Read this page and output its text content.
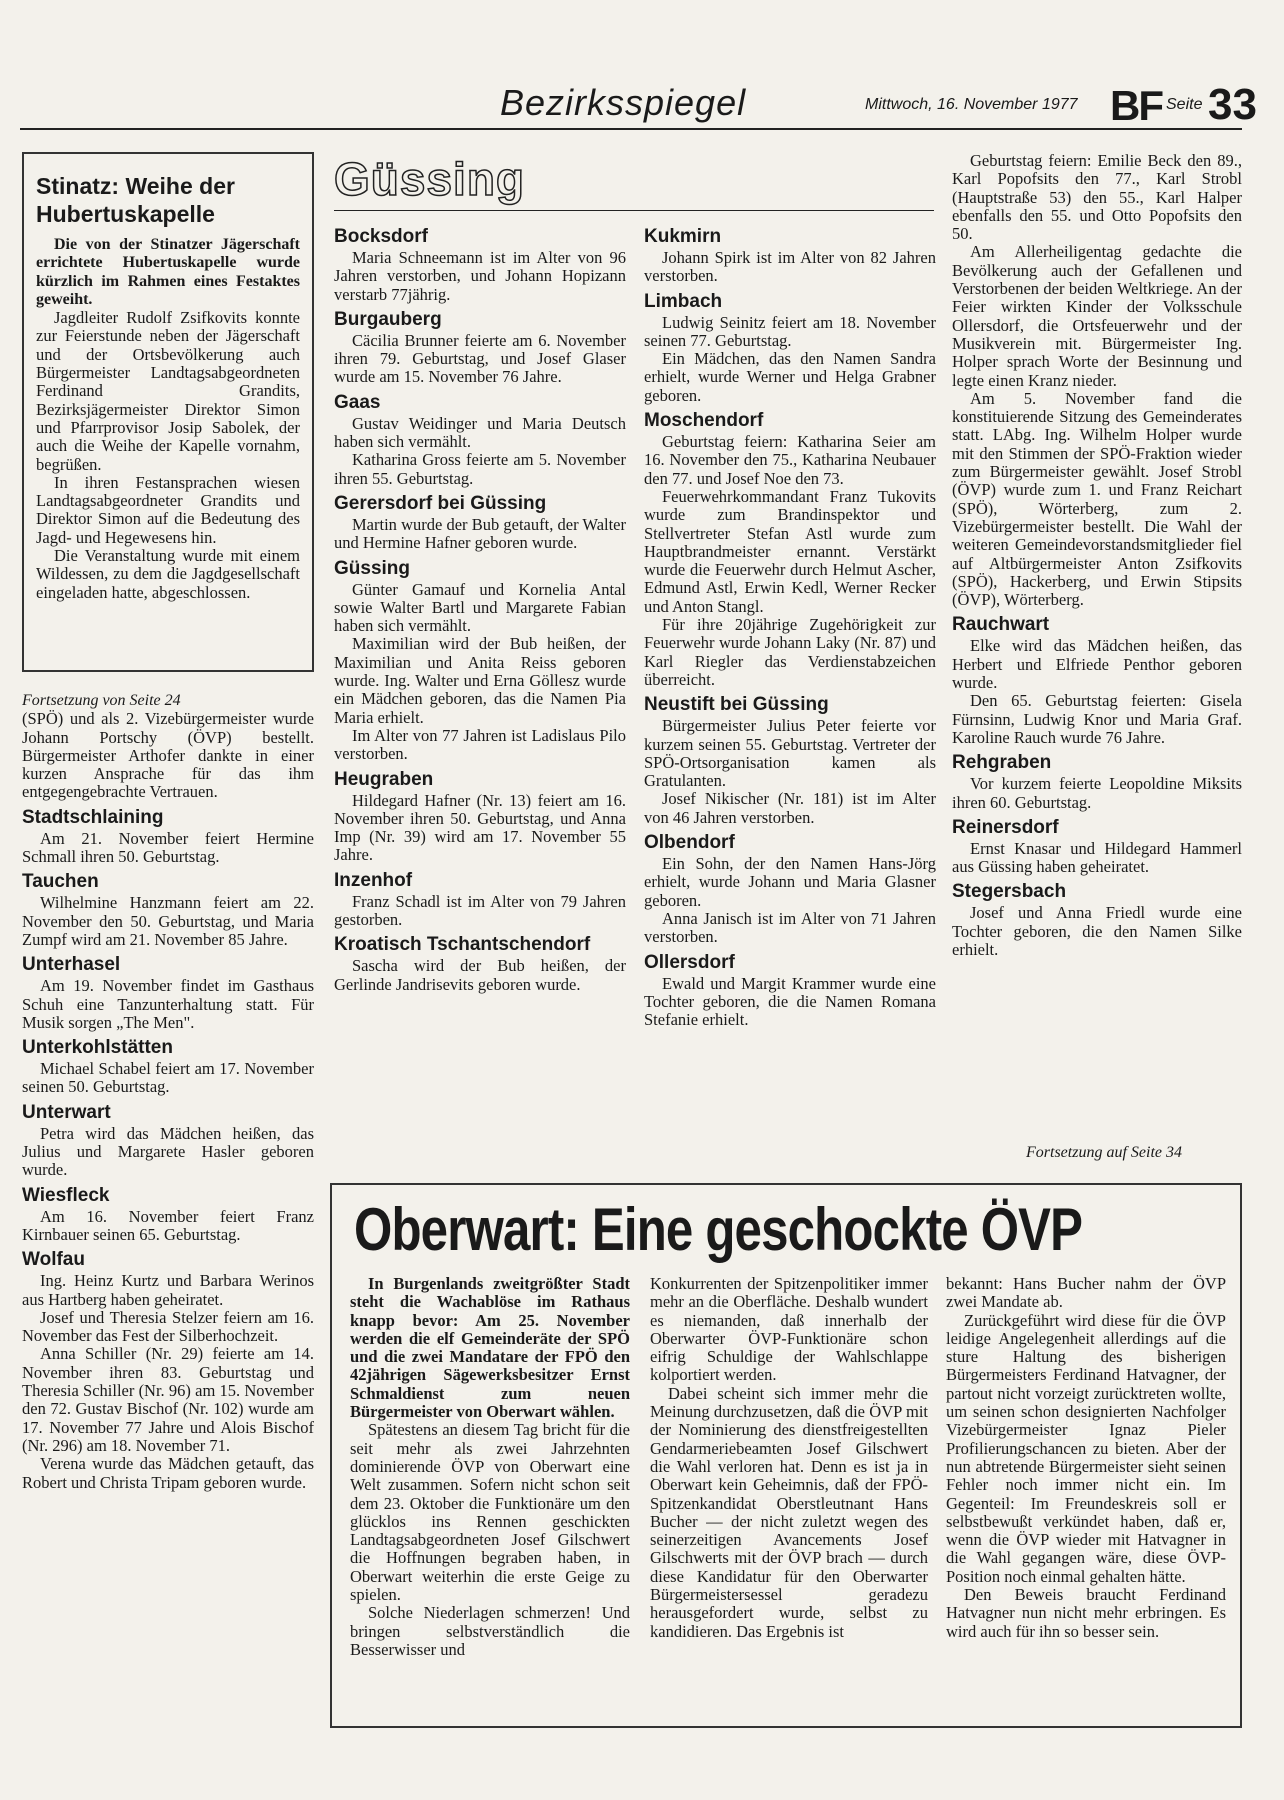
Bezirksspiegel	Mittwoch, 16. November 1977 BF Seite 33
Stinatz: Weihe der Hubertuskapelle

Die von der Stinatzer Jägerschaft errichtete Hubertuskapelle wurde kürzlich im Rahmen eines Festaktes geweiht.

Jagdleiter Rudolf Zsifkovits konnte zur Feierstunde neben der Jägerschaft und der Ortsbevölkerung auch Bürgermeister Landtagsabgeordneten Ferdinand Grandits, Bezirksjägermeister Direktor Simon und Pfarrprovisor Josip Sabolek, der auch die Weihe der Kapelle vornahm, begrüßen.

In ihren Festansprachen wiesen Landtagsabgeordneter Grandits und Direktor Simon auf die Bedeutung des Jagd- und Hegewesens hin.

Die Veranstaltung wurde mit einem Wildessen, zu dem die Jagdgesellschaft eingeladen hatte, abgeschlossen.

Fortsetzung von Seite 24

(SPÖ) und als 2. Vizebürgermeister wurde Johann Portschy (ÖVP) bestellt. Bürgermeister Arthofer dankte in einer kurzen Ansprache für das ihm entgegengebrachte Vertrauen.

Stadtschlaining

Am 21. November feiert Hermine Schmall ihren 50. Geburtstag.

Tauchen

Wilhelmine Hanzmann feiert am 22. November den 50. Geburtstag, und Maria Zumpf wird am 21. November 85 Jahre.

Unterhasel

Am 19. November findet im Gasthaus Schuh eine Tanzunterhaltung statt. Für Musik sorgen „The Men".

Unterkohlstätten

Michael Schabel feiert am 17. November seinen 50. Geburtstag.

Unterwart

Petra wird das Mädchen heißen, das Julius und Margarete Hasler geboren wurde.

Wiesfleck

Am 16. November feiert Franz Kirnbauer seinen 65. Geburtstag.

Wolfau

Ing. Heinz Kurtz und Barbara Werinos aus Hartberg haben geheiratet.

Josef und Theresia Stelzer feiern am 16. November das Fest der Silberhochzeit.

Anna Schiller (Nr. 29) feierte am 14. November ihren 83. Geburtstag und Theresia Schiller (Nr. 96) am 15. November den 72. Gustav Bischof (Nr. 102) wurde am 17. November 77 Jahre und Alois Bischof (Nr. 296) am 18. November 71.

Verena wurde das Mädchen getauft, das Robert und Christa Tripam geboren wurde.

Güssing
Bocksdorf

Maria Schneemann ist im Alter von 96 Jahren verstorben, und Johann Hopizann verstarb 77jährig.

Burgauberg

Cäcilia Brunner feierte am 6. November ihren 79. Geburtstag, und Josef Glaser wurde am 15. November 76 Jahre.

Gaas

Gustav Weidinger und Maria Deutsch haben sich vermählt.

Katharina Gross feierte am 5. November ihren 55. Geburtstag.

Gerersdorf bei Güssing

Martin wurde der Bub getauft, der Walter und Hermine Hafner geboren wurde.

Güssing

Günter Gamauf und Kornelia Antal sowie Walter Bartl und Margarete Fabian haben sich vermählt.

Maximilian wird der Bub heißen, der Maximilian und Anita Reiss geboren wurde. Ing. Walter und Erna Göllesz wurde ein Mädchen geboren, das die Namen Pia Maria erhielt.

Im Alter von 77 Jahren ist Ladislaus Pilo verstorben.

Heugraben

Hildegard Hafner (Nr. 13) feiert am 16. November ihren 50. Geburtstag, und Anna Imp (Nr. 39) wird am 17. November 55 Jahre.

Inzenhof

Franz Schadl ist im Alter von 79 Jahren gestorben.

Kroatisch Tschantschendorf

Sascha wird der Bub heißen, der Gerlinde Jandrisevits geboren wurde.

Kukmirn

Johann Spirk ist im Alter von 82 Jahren verstorben.

Limbach

Ludwig Seinitz feiert am 18. November seinen 77. Geburtstag.

Ein Mädchen, das den Namen Sandra erhielt, wurde Werner und Helga Grabner geboren.

Moschendorf

Geburtstag feiern: Katharina Seier am 16. November den 75., Katharina Neubauer den 77. und Josef Noe den 73.

Feuerwehrkommandant Franz Tukovits wurde zum Brandinspektor und Stellvertreter Stefan Astl wurde zum Hauptbrandmeister ernannt. Verstärkt wurde die Feuerwehr durch Helmut Ascher, Edmund Astl, Erwin Kedl, Werner Recker und Anton Stangl.

Für ihre 20jährige Zugehörigkeit zur Feuerwehr wurde Johann Laky (Nr. 87) und Karl Riegler das Verdienstabzeichen überreicht.

Neustift bei Güssing

Bürgermeister Julius Peter feierte vor kurzem seinen 55. Geburtstag. Vertreter der SPÖ-Ortsorganisation kamen als Gratulanten.

Josef Nikischer (Nr. 181) ist im Alter von 46 Jahren verstorben.

Olbendorf

Ein Sohn, der den Namen Hans-Jörg erhielt, wurde Johann und Maria Glasner geboren.

Anna Janisch ist im Alter von 71 Jahren verstorben.

Ollersdorf

Ewald und Margit Krammer wurde eine Tochter geboren, die die Namen Romana Stefanie erhielt.

Geburtstag feiern: Emilie Beck den 89., Karl Popofsits den 77., Karl Strobl (Hauptstraße 53) den 55., Karl Halper ebenfalls den 55. und Otto Popofsits den 50.

Am Allerheiligentag gedachte die Bevölkerung auch der Gefallenen und Verstorbenen der beiden Weltkriege. An der Feier wirkten Kinder der Volksschule Ollersdorf, die Ortsfeuerwehr und der Musikverein mit. Bürgermeister Ing. Holper sprach Worte der Besinnung und legte einen Kranz nieder.

Am 5. November fand die konstituierende Sitzung des Gemeinderates statt. LAbg. Ing. Wilhelm Holper wurde mit den Stimmen der SPÖ-Fraktion wieder zum Bürgermeister gewählt. Josef Strobl (ÖVP) wurde zum 1. und Franz Reichart (SPÖ), Wörterberg, zum 2. Vizebürgermeister bestellt. Die Wahl der weiteren Gemeindevorstandsmitglieder fiel auf Altbürgermeister Anton Zsifkovits (SPÖ), Hackerberg, und Erwin Stipsits (ÖVP), Wörterberg.

Rauchwart

Elke wird das Mädchen heißen, das Herbert und Elfriede Penthor geboren wurde.

Den 65. Geburtstag feierten: Gisela Fürnsinn, Ludwig Knor und Maria Graf. Karoline Rauch wurde 76 Jahre.

Rehgraben

Vor kurzem feierte Leopoldine Miksits ihren 60. Geburtstag.

Reinersdorf

Ernst Knasar und Hildegard Hammerl aus Güssing haben geheiratet.

Stegersbach

Josef und Anna Friedl wurde eine Tochter geboren, die den Namen Silke erhielt.

Fortsetzung auf Seite 34
Oberwart: Eine geschockte ÖVP

In Burgenlands zweitgrößter Stadt steht die Wachablöse im Rathaus knapp bevor: Am 25. November werden die elf Gemeinderäte der SPÖ und die zwei Mandatare der FPÖ den 42jährigen Sägewerksbesitzer Ernst Schmaldienst zum neuen Bürgermeister von Oberwart wählen.

Spätestens an diesem Tag bricht für die seit mehr als zwei Jahrzehnten dominierende ÖVP von Oberwart eine Welt zusammen. Sofern nicht schon seit dem 23. Oktober die Funktionäre um den glücklos ins Rennen geschickten Landtagsabgeordneten Josef Gilschwert die Hoffnungen begraben haben, in Oberwart weiterhin die erste Geige zu spielen.

Solche Niederlagen schmerzen! Und bringen selbstverständlich die Besserwisser und

Konkurrenten der Spitzenpolitiker immer mehr an die Oberfläche. Deshalb wundert es niemanden, daß innerhalb der Oberwarter ÖVP-Funktionäre schon eifrig Schuldige der Wahlschlappe kolportiert werden.

Dabei scheint sich immer mehr die Meinung durchzusetzen, daß die ÖVP mit der Nominierung des dienstfreigestellten Gendarmeriebeamten Josef Gilschwert die Wahl verloren hat. Denn es ist ja in Oberwart kein Geheimnis, daß der FPÖ-Spitzenkandidat Oberstleutnant Hans Bucher — der nicht zuletzt wegen des seinerzeitigen Avancements Josef Gilschwerts mit der ÖVP brach — durch diese Kandidatur für den Oberwarter Bürgermeistersessel geradezu herausgefordert wurde, selbst zu kandidieren. Das Ergebnis ist

bekannt: Hans Bucher nahm der ÖVP zwei Mandate ab.

Zurückgeführt wird diese für die ÖVP leidige Angelegenheit allerdings auf die sture Haltung des bisherigen Bürgermeisters Ferdinand Hatvagner, der partout nicht vorzeigt zurücktreten wollte, um seinen schon designierten Nachfolger Vizebürgermeister Ignaz Pieler Profilierungschancen zu bieten. Aber der nun abtretende Bürgermeister sieht seinen Fehler noch immer nicht ein. Im Gegenteil: Im Freundeskreis soll er selbstbewußt verkündet haben, daß er, wenn die ÖVP wieder mit Hatvagner in die Wahl gegangen wäre, diese ÖVP-Position noch einmal gehalten hätte.

Den Beweis braucht Ferdinand Hatvagner nun nicht mehr erbringen. Es wird auch für ihn so besser sein.
